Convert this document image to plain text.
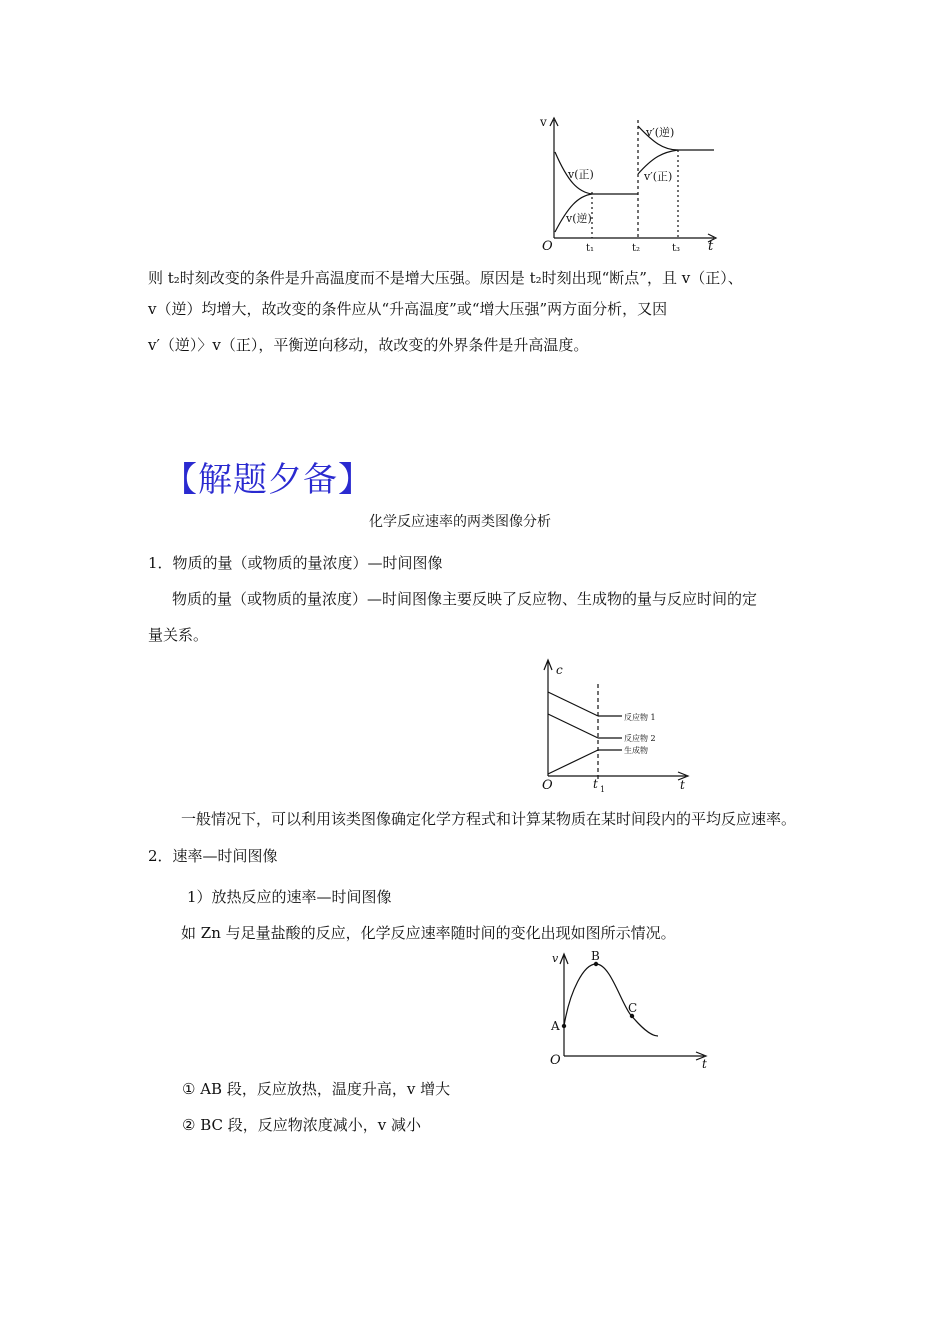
v
O	t
t₁	t₂	t₃
v′(逆)
v(正)	v′(正)
v(逆)
则 t₂时刻改变的条件是升高温度而不是增大压强。原因是 t₂时刻出现“断点”，且 v（正）、
v（逆）均增大，故改变的条件应从“升高温度”或“增大压强”两方面分析，又因
v′（逆）〉v（正），平衡逆向移动，故改变的外界条件是升高温度。
【解题夕备】
化学反应速率的两类图像分析
1．物质的量（或物质的量浓度）—时间图像
物质的量（或物质的量浓度）—时间图像主要反映了反应物、生成物的量与反应时间的定
量关系。
c
O	t
t 1
反应物 1
反应物 2
生成物
一般情况下，可以利用该类图像确定化学方程式和计算某物质在某时间段内的平均反应速率。
2．速率—时间图像
1）放热反应的速率—时间图像
如 Zn 与足量盐酸的反应，化学反应速率随时间的变化出现如图所示情况。
v
O	t
A
B
C
① AB 段，反应放热，温度升高，v 增大
② BC 段，反应物浓度减小，v 减小
